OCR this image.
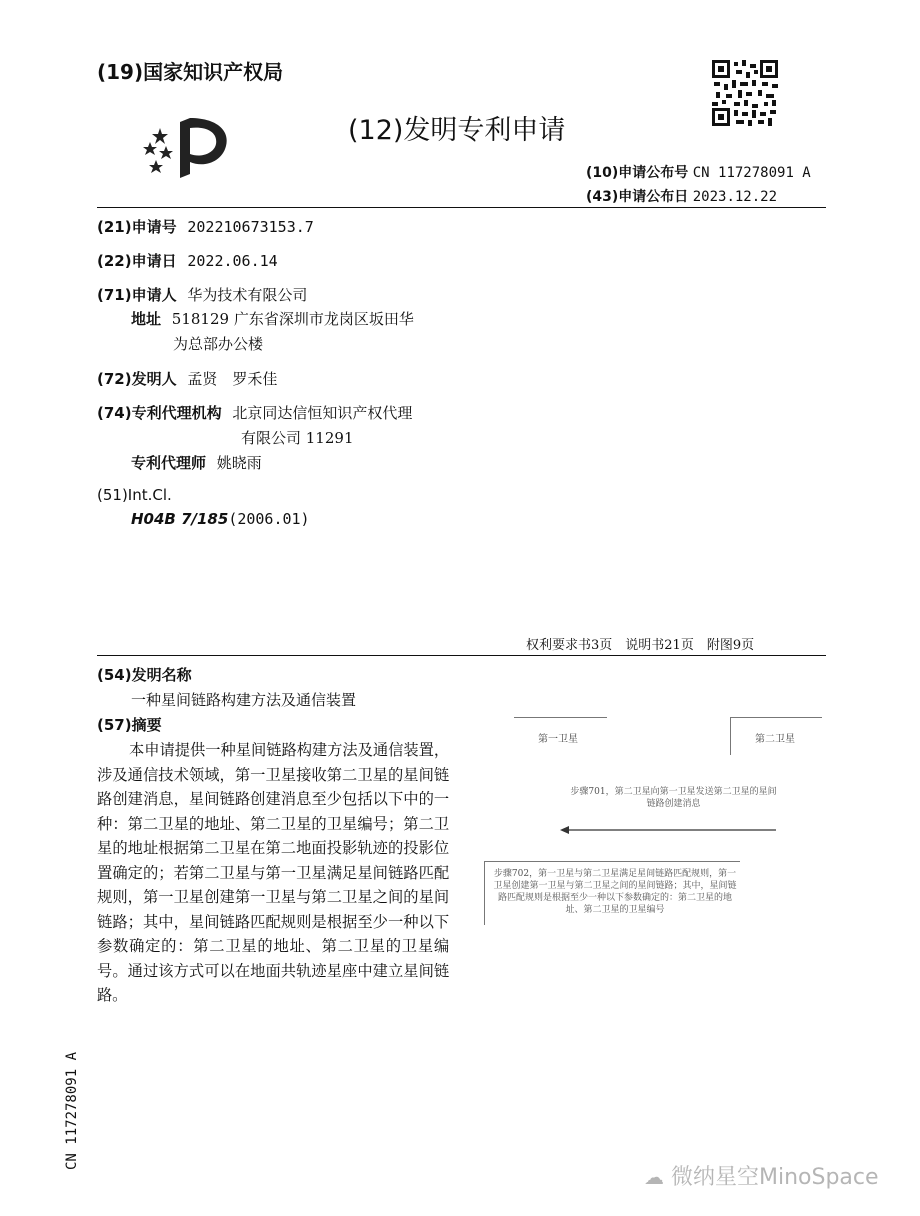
(19)国家知识产权局
(12)发明专利申请
(10)申请公布号 CN 117278091 A
(43)申请公布日 2023.12.22
(21)申请号 202210673153.7
(22)申请日 2022.06.14
(71)申请人 华为技术有限公司
地址 518129 广东省深圳市龙岗区坂田华
为总部办公楼
(72)发明人 孟贤　罗禾佳
(74)专利代理机构 北京同达信恒知识产权代理
有限公司 11291
专利代理师 姚晓雨
(51)Int.Cl.
H04B 7/185(2006.01)
权利要求书3页　说明书21页　附图9页
(54)发明名称
一种星间链路构建方法及通信装置
(57)摘要
本申请提供一种星间链路构建方法及通信装置，涉及通信技术领域，第一卫星接收第二卫星的星间链路创建消息，星间链路创建消息至少包括以下中的一种：第二卫星的地址、第二卫星的卫星编号；第二卫星的地址根据第二卫星在第二地面投影轨迹的投影位置确定的；若第二卫星与第一卫星满足星间链路匹配规则，第一卫星创建第一卫星与第二卫星之间的星间链路；其中，星间链路匹配规则是根据至少一种以下参数确定的：第二卫星的地址、第二卫星的卫星编号。通过该方式可以在地面共轨迹星座中建立星间链路。
第一卫星	第二卫星
步骤701，第二卫星向第一卫星发送第二卫星的星间链路创建消息
步骤702，第一卫星与第二卫星满足星间链路匹配规则，第一卫星创建第一卫星与第二卫星之间的星间链路；其中，星间链路匹配规则是根据至少一种以下参数确定的：第二卫星的地址、第二卫星的卫星编号
CN 117278091 A
☁ 微纳星空MinoSpace
